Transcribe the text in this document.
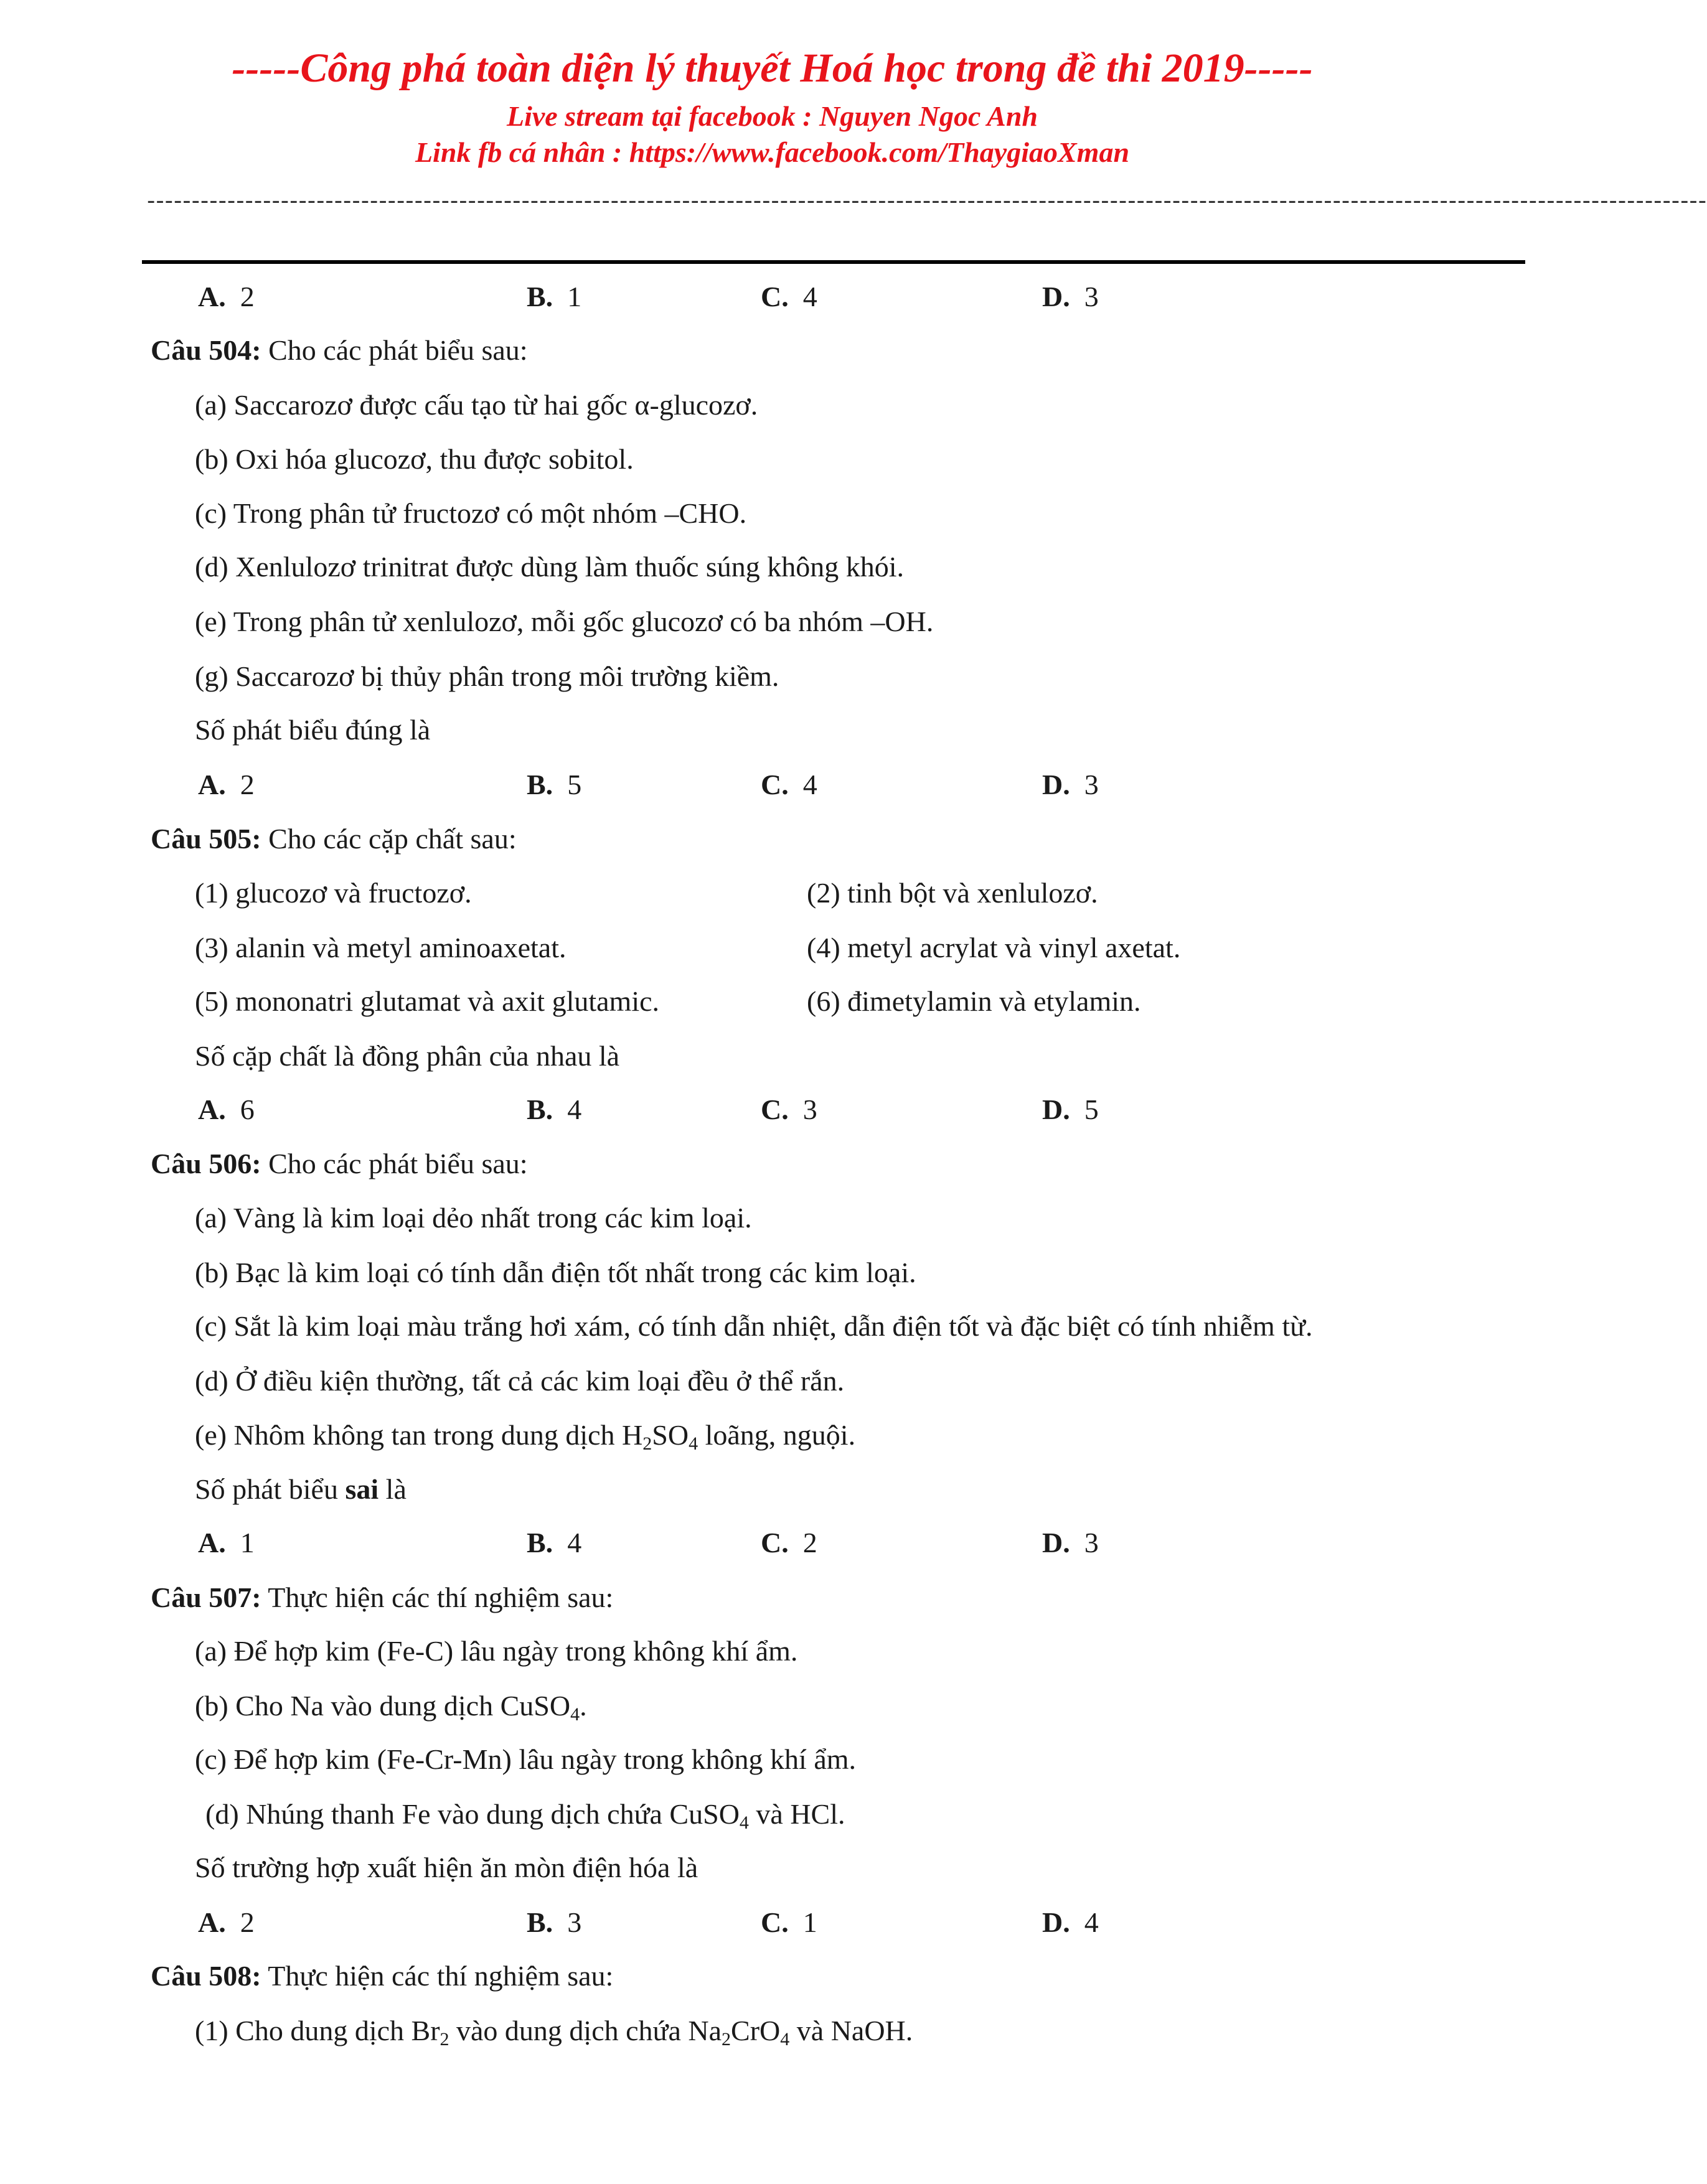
-----Công phá toàn diện lý thuyết Hoá học trong đề thi 2019-----
Live stream tại facebook : Nguyen Ngoc Anh
Link fb cá nhân : https://www.facebook.com/ThaygiaoXman
-------------------------------------------------------------------------------------------------------------------------------------------------------------------------------
A. 2	B. 1	C. 4	D. 3
Câu 504: Cho các phát biểu sau:
(a) Saccarozơ được cấu tạo từ hai gốc α-glucozơ.
(b) Oxi hóa glucozơ, thu được sobitol.
(c) Trong phân tử fructozơ có một nhóm –CHO.
(d) Xenlulozơ trinitrat được dùng làm thuốc súng không khói.
(e) Trong phân tử xenlulozơ, mỗi gốc glucozơ có ba nhóm –OH.
(g) Saccarozơ bị thủy phân trong môi trường kiềm.
Số phát biểu đúng là
A. 2	B. 5	C. 4	D. 3
Câu 505: Cho các cặp chất sau:
(1) glucozơ và fructozơ.	(2) tinh bột và xenlulozơ.
(3) alanin và metyl aminoaxetat.	(4) metyl acrylat và vinyl axetat.
(5) mononatri glutamat và axit glutamic.	(6) đimetylamin và etylamin.
Số cặp chất là đồng phân của nhau là
A. 6	B. 4	C. 3	D. 5
Câu 506: Cho các phát biểu sau:
(a) Vàng là kim loại dẻo nhất trong các kim loại.
(b) Bạc là kim loại có tính dẫn điện tốt nhất trong các kim loại.
(c) Sắt là kim loại màu trắng hơi xám, có tính dẫn nhiệt, dẫn điện tốt và đặc biệt có tính nhiễm từ.
(d) Ở điều kiện thường, tất cả các kim loại đều ở thể rắn.
(e) Nhôm không tan trong dung dịch $H_2SO_4$ loãng, nguội.
Số phát biểu sai là
A. 1	B. 4	C. 2	D. 3
Câu 507: Thực hiện các thí nghiệm sau:
(a) Để hợp kim (Fe-C) lâu ngày trong không khí ẩm.
(b) Cho Na vào dung dịch CuSO$_4$.
(c) Để hợp kim (Fe-Cr-Mn) lâu ngày trong không khí ẩm.
(d) Nhúng thanh Fe vào dung dịch chứa CuSO$_4$ và HCl.
Số trường hợp xuất hiện ăn mòn điện hóa là
A. 2	B. 3	C. 1	D. 4
Câu 508: Thực hiện các thí nghiệm sau:
(1) Cho dung dịch $Br_2$ vào dung dịch chứa $Na_2CrO_4$ và NaOH.
